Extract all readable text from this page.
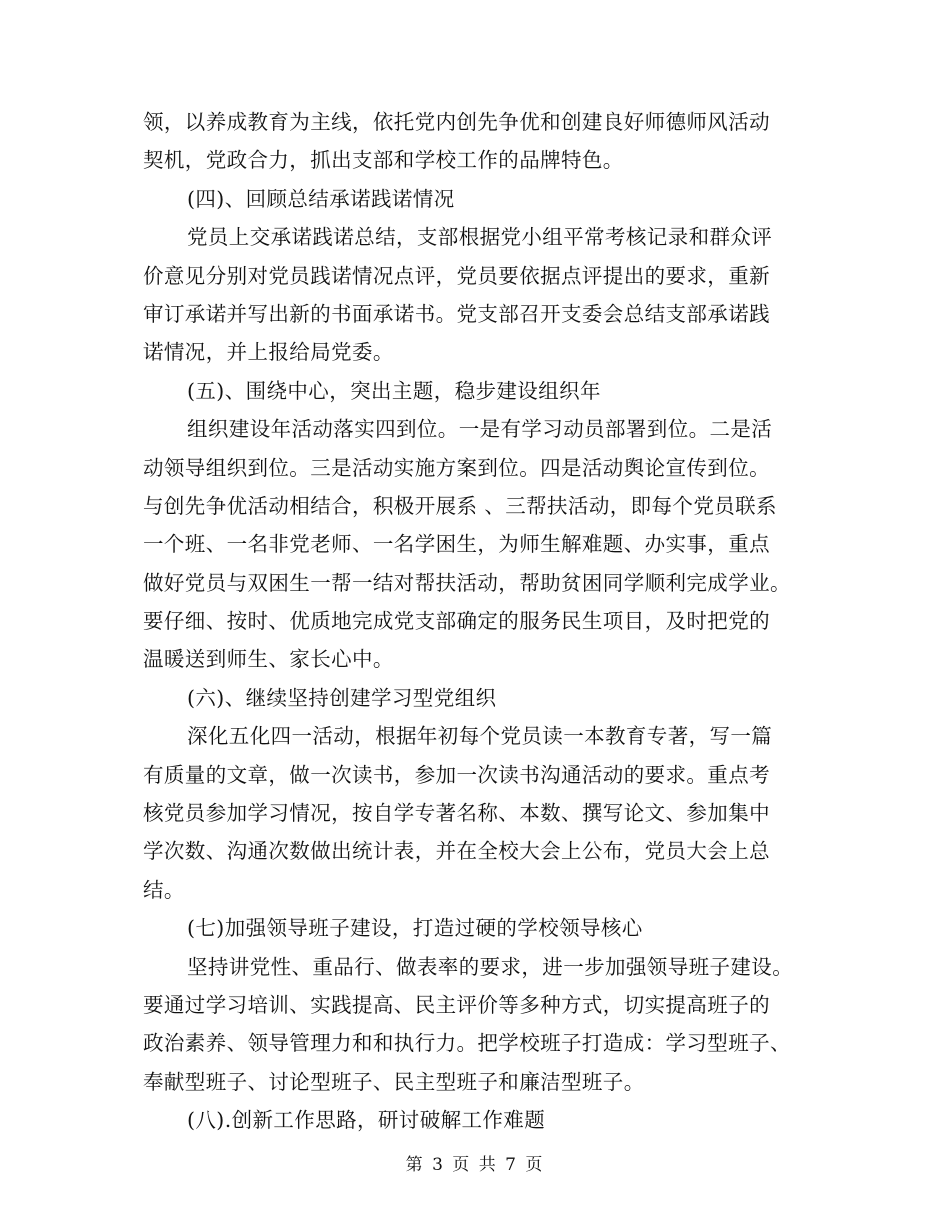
领，以养成教育为主线，依托党内创先争优和创建良好师德师风活动
契机，党政合力，抓出支部和学校工作的品牌特色。
(四)、回顾总结承诺践诺情况
党员上交承诺践诺总结，支部根据党小组平常考核记录和群众评
价意见分别对党员践诺情况点评，党员要依据点评提出的要求，重新
审订承诺并写出新的书面承诺书。党支部召开支委会总结支部承诺践
诺情况，并上报给局党委。
(五)、围绕中心，突出主题，稳步建设组织年
组织建设年活动落实四到位。一是有学习动员部署到位。二是活
动领导组织到位。三是活动实施方案到位。四是活动舆论宣传到位。
与创先争优活动相结合，积极开展系 、三帮扶活动，即每个党员联系
一个班、一名非党老师、一名学困生，为师生解难题、办实事，重点
做好党员与双困生一帮一结对帮扶活动，帮助贫困同学顺利完成学业。
要仔细、按时、优质地完成党支部确定的服务民生项目，及时把党的
温暖送到师生、家长心中。
(六)、继续坚持创建学习型党组织
深化五化四一活动，根据年初每个党员读一本教育专著，写一篇
有质量的文章，做一次读书，参加一次读书沟通活动的要求。重点考
核党员参加学习情况，按自学专著名称、本数、撰写论文、参加集中
学次数、沟通次数做出统计表，并在全校大会上公布，党员大会上总
结。
(七)加强领导班子建设，打造过硬的学校领导核心
坚持讲党性、重品行、做表率的要求，进一步加强领导班子建设。
要通过学习培训、实践提高、民主评价等多种方式，切实提高班子的
政治素养、领导管理力和和执行力。把学校班子打造成：学习型班子、
奉献型班子、讨论型班子、民主型班子和廉洁型班子。
(八).创新工作思路，研讨破解工作难题
第 3 页 共 7 页
